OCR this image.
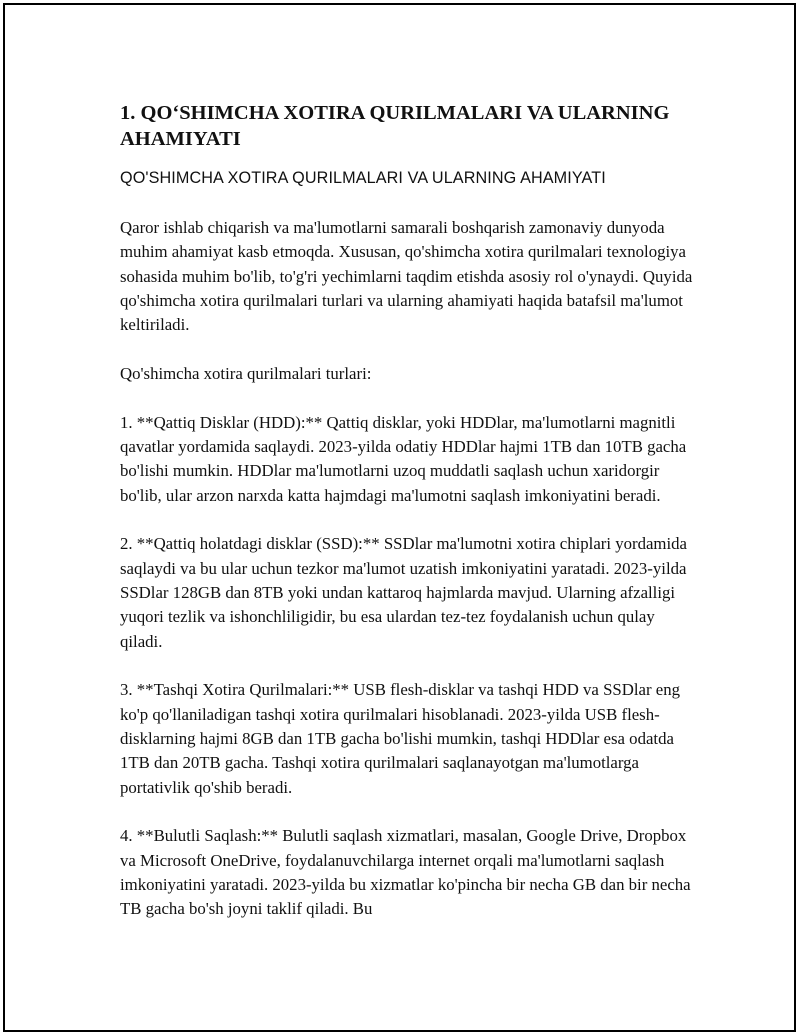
1. QO‘SHIMCHA XOTIRA QURILMALARI VA ULARNING AHAMIYATI
QO'SHIMCHA XOTIRA QURILMALARI VA ULARNING AHAMIYATI

Qaror ishlab chiqarish va ma'lumotlarni samarali boshqarish zamonaviy dunyoda muhim ahamiyat kasb etmoqda. Xususan, qo'shimcha xotira qurilmalari texnologiya sohasida muhim bo'lib, to'g'ri yechimlarni taqdim etishda asosiy rol o'ynaydi. Quyida qo'shimcha xotira qurilmalari turlari va ularning ahamiyati haqida batafsil ma'lumot keltiriladi.

Qo'shimcha xotira qurilmalari turlari:

1. **Qattiq Disklar (HDD):** Qattiq disklar, yoki HDDlar, ma'lumotlarni magnitli qavatlar yordamida saqlaydi. 2023-yilda odatiy HDDlar hajmi 1TB dan 10TB gacha bo'lishi mumkin. HDDlar ma'lumotlarni uzoq muddatli saqlash uchun xaridorgir bo'lib, ular arzon narxda katta hajmdagi ma'lumotni saqlash imkoniyatini beradi.

2. **Qattiq holatdagi disklar (SSD):** SSDlar ma'lumotni xotira chiplari yordamida saqlaydi va bu ular uchun tezkor ma'lumot uzatish imkoniyatini yaratadi. 2023-yilda SSDlar 128GB dan 8TB yoki undan kattaroq hajmlarda mavjud. Ularning afzalligi yuqori tezlik va ishonchliligidir, bu esa ulardan tez-tez foydalanish uchun qulay qiladi.

3. **Tashqi Xotira Qurilmalari:** USB flesh-disklar va tashqi HDD va SSDlar eng ko'p qo'llaniladigan tashqi xotira qurilmalari hisoblanadi. 2023-yilda USB flesh-disklarning hajmi 8GB dan 1TB gacha bo'lishi mumkin, tashqi HDDlar esa odatda 1TB dan 20TB gacha. Tashqi xotira qurilmalari saqlanayotgan ma'lumotlarga portativlik qo'shib beradi.

4. **Bulutli Saqlash:** Bulutli saqlash xizmatlari, masalan, Google Drive, Dropbox va Microsoft OneDrive, foydalanuvchilarga internet orqali ma'lumotlarni saqlash imkoniyatini yaratadi. 2023-yilda bu xizmatlar ko'pincha bir necha GB dan bir necha TB gacha bo'sh joyni taklif qiladi. Bu
